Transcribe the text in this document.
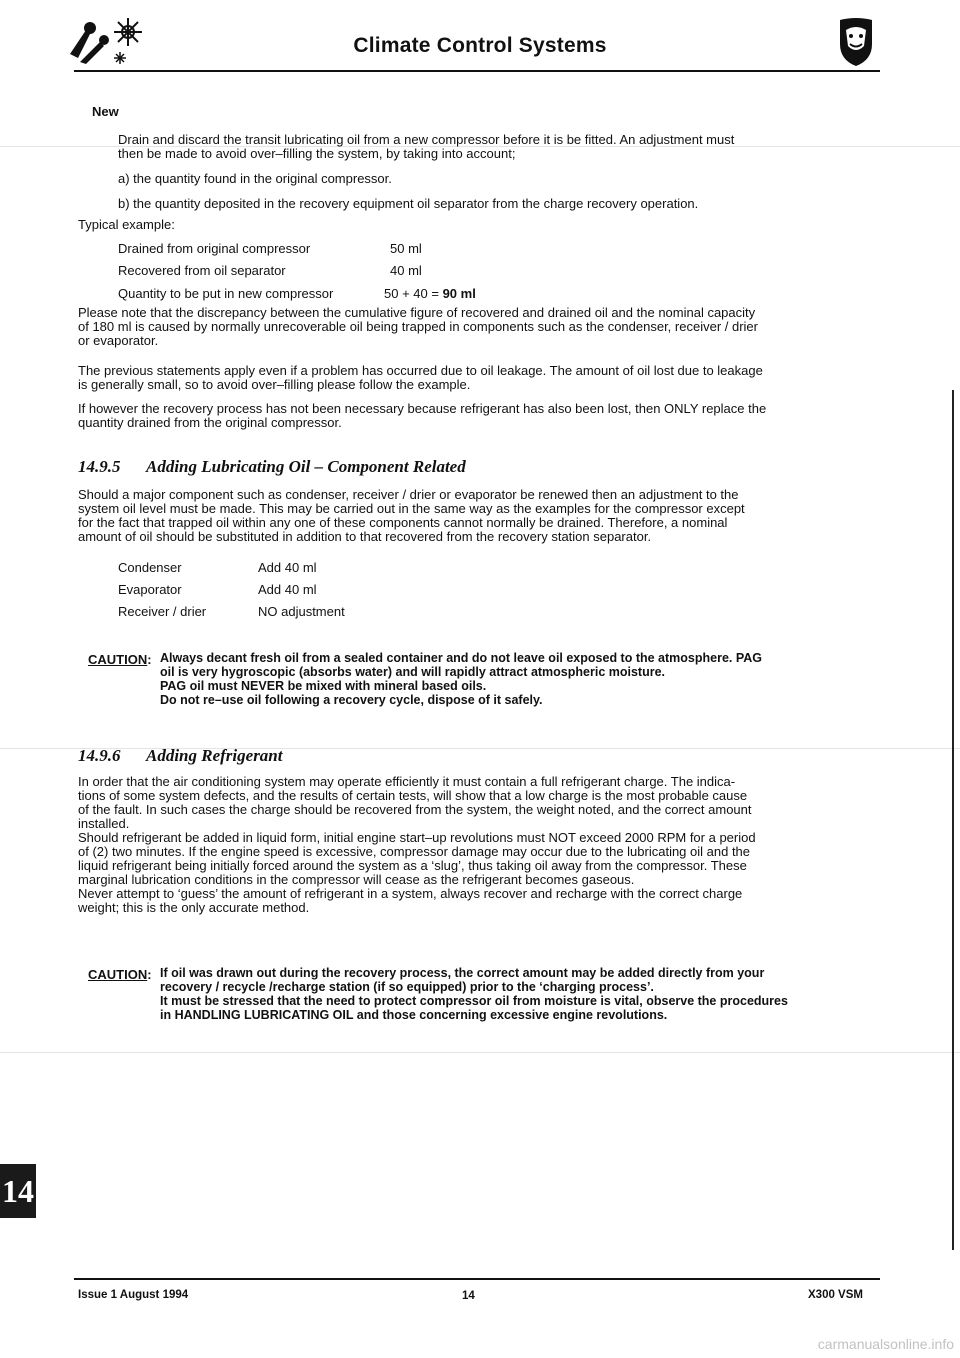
Climate Control Systems
New
Drain and discard the transit lubricating oil from a new compressor before it is be fitted. An adjustment must
then be made to avoid over–filling the system, by taking into account;
a) the quantity found in the original compressor.
b) the quantity deposited in the recovery equipment oil separator from the charge recovery operation.
Typical example:
Drained from original compressor	50 ml
Recovered from oil separator	40 ml
Quantity to be put in new compressor	50 + 40 = 90 ml
Please note that the discrepancy between the cumulative figure of recovered and drained oil and the nominal capacity
of 180 ml is caused by normally unrecoverable oil being trapped in components such as the condenser, receiver / drier
or evaporator.
The previous statements apply even if a problem has occurred due to oil leakage. The amount of oil lost due to leakage
is generally small, so to avoid over–filling please follow the example.
If however the recovery process has not been necessary because refrigerant has also been lost, then ONLY replace the
quantity drained from the original compressor.
14.9.5 Adding Lubricating Oil – Component Related
Should a major component such as condenser, receiver / drier or evaporator be renewed then an adjustment to the
system oil level must be made. This may be carried out in the same way as the examples for the compressor except
for the fact that trapped oil within any one of these components cannot normally be drained. Therefore, a nominal
amount of oil should be substituted in addition to that recovered from the recovery station separator.
Condenser	Add 40 ml
Evaporator	Add 40 ml
Receiver / drier	NO adjustment
CAUTION: Always decant fresh oil from a sealed container and do not leave oil exposed to the atmosphere. PAG
oil is very hygroscopic (absorbs water) and will rapidly attract atmospheric moisture.
PAG oil must NEVER be mixed with mineral based oils.
Do not re–use oil following a recovery cycle, dispose of it safely.
14.9.6 Adding Refrigerant
In order that the air conditioning system may operate efficiently it must contain a full refrigerant charge. The indica-
tions of some system defects, and the results of certain tests, will show that a low charge is the most probable cause
of the fault. In such cases the charge should be recovered from the system, the weight noted, and the correct amount
installed.
Should refrigerant be added in liquid form, initial engine start–up revolutions must NOT exceed 2000 RPM for a period
of (2) two minutes. If the engine speed is excessive, compressor damage may occur due to the lubricating oil and the
liquid refrigerant being initially forced around the system as a ‘slug’, thus taking oil away from the compressor. These
marginal lubrication conditions in the compressor will cease as the refrigerant becomes gaseous.
Never attempt to ‘guess’ the amount of refrigerant in a system, always recover and recharge with the correct charge
weight; this is the only accurate method.
CAUTION: If oil was drawn out during the recovery process, the correct amount may be added directly from your
recovery / recycle /recharge station (if so equipped) prior to the ‘charging process’.
It must be stressed that the need to protect compressor oil from moisture is vital, observe the procedures
in HANDLING LUBRICATING OIL and those concerning excessive engine revolutions.
14
Issue 1 August 1994	14	X300 VSM
carmanualsonline.info
